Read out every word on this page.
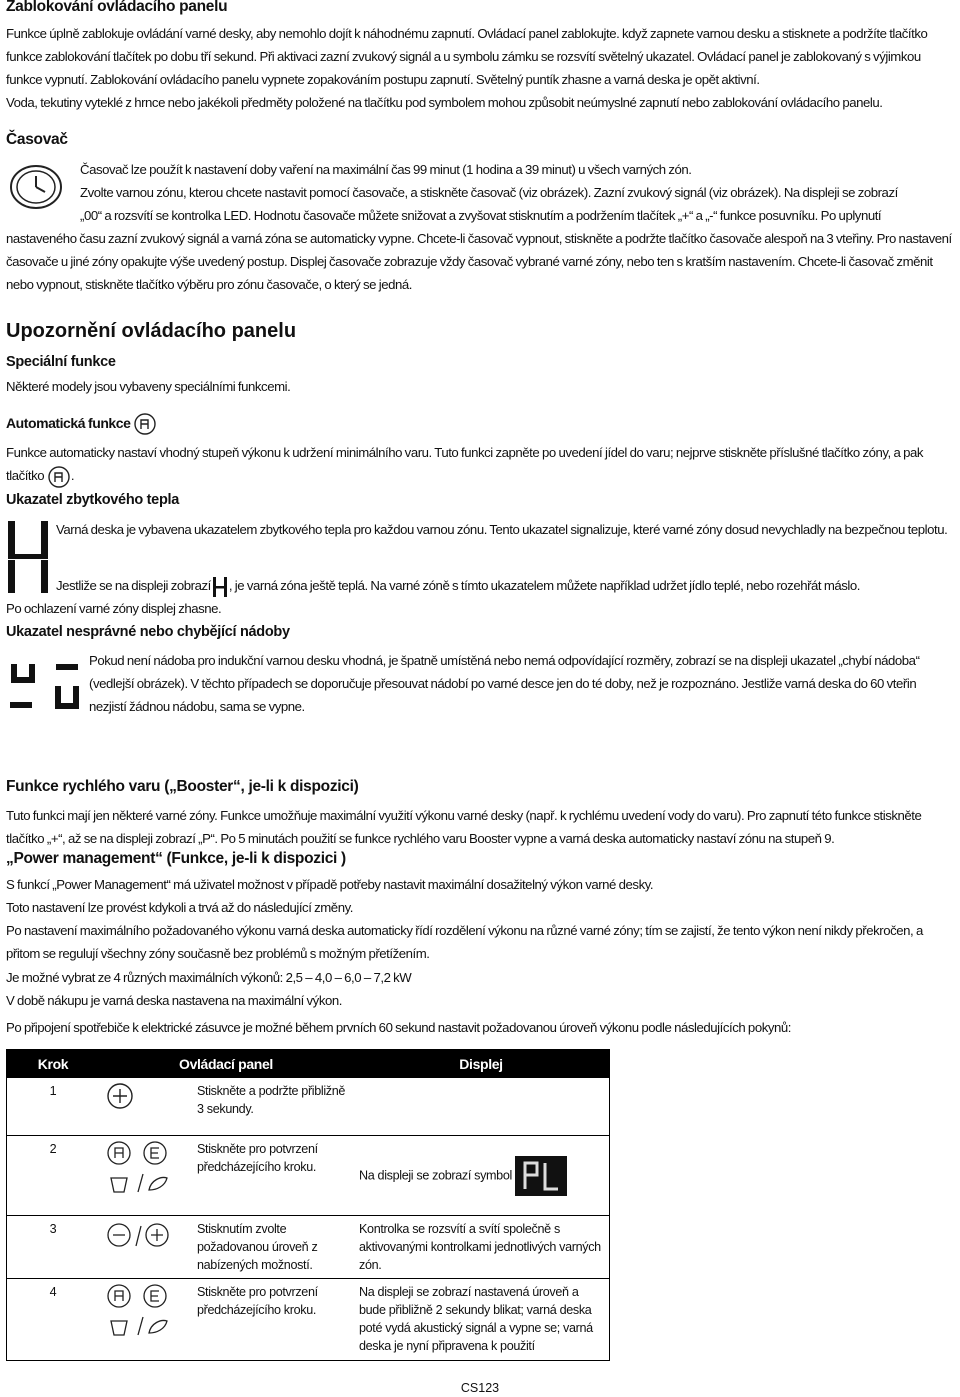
Zablokování ovládacího panelu
Funkce úplně zablokuje ovládání varné desky, aby nemohlo dojít k náhodnému zapnutí. Ovládací panel zablokujte. když zapnete varnou desku a stisknete a podržíte tlačítko funkce zablokování tlačítek po dobu tří sekund. Při aktivaci zazní zvukový signál a u symbolu zámku se rozsvítí světelný ukazatel. Ovládací panel je zablokovaný s výjimkou funkce vypnutí. Zablokování ovládacího panelu vypnete zopakováním postupu zapnutí. Světelný puntík zhasne a varná deska je opět aktivní.
Voda, tekutiny vyteklé z hrnce nebo jakékoli předměty položené na tlačítku pod symbolem mohou způsobit neúmyslné zapnutí nebo zablokování ovládacího panelu.
Časovač
Časovač lze použít k nastavení doby vaření na maximální čas 99 minut (1 hodina a 39 minut) u všech varných zón.
Zvolte varnou zónu, kterou chcete nastavit pomocí časovače, a stiskněte časovač (viz obrázek). Zazní zvukový signál (viz obrázek). Na displeji se zobrazí
„00“ a rozsvítí se kontrolka LED. Hodnotu časovače můžete snižovat a zvyšovat stisknutím a podržením tlačítek „+“ a „-“ funkce posuvníku. Po uplynutí
nastaveného času zazní zvukový signál a varná zóna se automaticky vypne. Chcete-li časovač vypnout, stiskněte a podržte tlačítko časovače alespoň na 3 vteřiny. Pro nastavení časovače u jiné zóny opakujte výše uvedený postup. Displej časovače zobrazuje vždy časovač vybrané varné zóny, nebo ten s kratším nastavením. Chcete-li časovač změnit nebo vypnout, stiskněte tlačítko výběru pro zónu časovače, o který se jedná.
Upozornění ovládacího panelu
Speciální funkce
Některé modely jsou vybaveny speciálními funkcemi.
Automatická funkce
Funkce automaticky nastaví vhodný stupeň výkonu k udržení minimálního varu. Tuto funkci zapněte po uvedení jídel do varu; nejprve stiskněte příslušné tlačítko zóny, a pak tlačítko .
Ukazatel zbytkového tepla
Varná deska je vybavena ukazatelem zbytkového tepla pro každou varnou zónu. Tento ukazatel signalizuje, které varné zóny dosud nevychladly na bezpečnou teplotu.
Jestliže se na displeji zobrazí , je varná zóna ještě teplá. Na varné zóně s tímto ukazatelem můžete například udržet jídlo teplé, nebo rozehřát máslo.
Po ochlazení varné zóny displej zhasne.
Ukazatel nesprávné nebo chybějící nádoby
Pokud není nádoba pro indukční varnou desku vhodná, je špatně umístěná nebo nemá odpovídající rozměry, zobrazí se na displeji ukazatel „chybí nádoba“ (vedlejší obrázek). V těchto případech se doporučuje přesouvat nádobí po varné desce jen do té doby, než je rozpoznáno. Jestliže varná deska do 60 vteřin nezjistí žádnou nádobu, sama se vypne.
Funkce rychlého varu („Booster“, je-li k dispozici)
Tuto funkci mají jen některé varné zóny. Funkce umožňuje maximální využití výkonu varné desky (např. k rychlému uvedení vody do varu). Pro zapnutí této funkce stiskněte tlačítko „+“, až se na displeji zobrazí „P“. Po 5 minutách použití se funkce rychlého varu Booster vypne a varná deska automaticky nastaví zónu na stupeň 9.
„Power management“ (Funkce, je-li k dispozici )
S funkcí „Power Management“ má uživatel možnost v případě potřeby nastavit maximální dosažitelný výkon varné desky.
Toto nastavení lze provést kdykoli a trvá až do následující změny.
Po nastavení maximálního požadovaného výkonu varná deska automaticky řídí rozdělení výkonu na různé varné zóny; tím se zajistí, že tento výkon není nikdy překročen, a přitom se regulují všechny zóny současně bez problémů s možným přetížením.
Je možné vybrat ze 4 různých maximálních výkonů: 2,5 – 4,0 – 6,0 – 7,2 kW
V době nákupu je varná deska nastavena na maximální výkon.
Po připojení spotřebiče k elektrické zásuvce je možné během prvních 60 sekund nastavit požadovanou úroveň výkonu podle následujících pokynů:
Krok	Ovládací panel		Displej
1		Stiskněte a podržte přibližně 3 sekundy.	
2		Stiskněte pro potvrzení předcházejícího kroku.	Na displeji se zobrazí symbol
3		Stisknutím zvolte požadovanou úroveň z nabízených možností.	Kontrolka se rozsvítí a svítí společně s aktivovanými kontrolkami jednotlivých varných zón.
4		Stiskněte pro potvrzení předcházejícího kroku.	Na displeji se zobrazí nastavená úroveň a bude přibližně 2 sekundy blikat; varná deska poté vydá akustický signál a vypne se; varná deska je nyní připravena k použití
CS123
